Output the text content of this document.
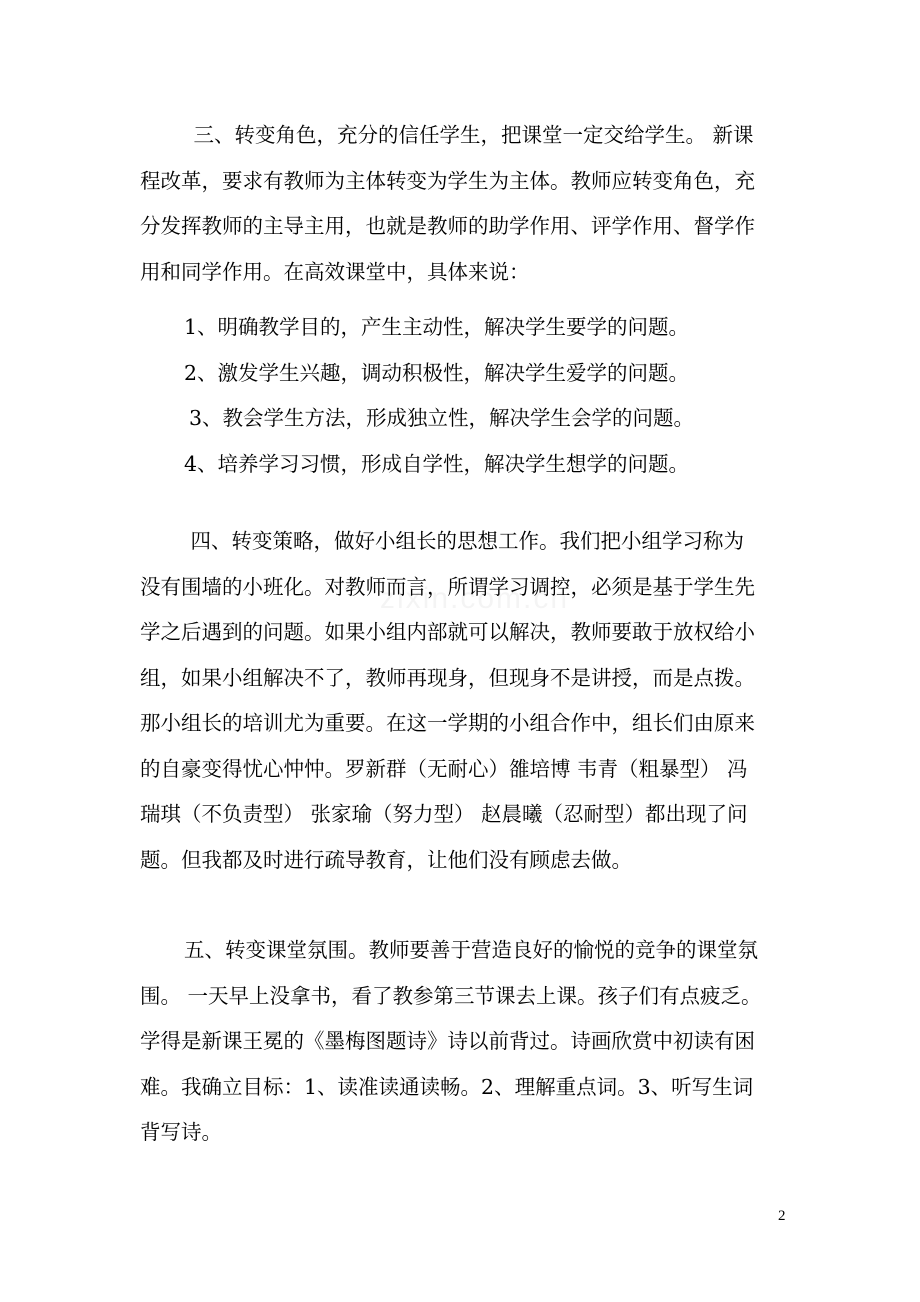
　三、转变角色，充分的信任学生，把课堂一定交给学生。 新课
程改革，要求有教师为主体转变为学生为主体。教师应转变角色，充
分发挥教师的主导主用，也就是教师的助学作用、评学作用、督学作
用和同学作用。在高效课堂中，具体来说：
1、明确教学目的，产生主动性，解决学生要学的问题。
2、激发学生兴趣，调动积极性，解决学生爱学的问题。
3、教会学生方法，形成独立性，解决学生会学的问题。
4、培养学习习惯，形成自学性，解决学生想学的问题。
　四、转变策略，做好小组长的思想工作。我们把小组学习称为
没有围墙的小班化。对教师而言，所谓学习调控，必须是基于学生先
学之后遇到的问题。如果小组内部就可以解决，教师要敢于放权给小
组，如果小组解决不了，教师再现身，但现身不是讲授，而是点拨。
那小组长的培训尤为重要。在这一学期的小组合作中，组长们由原来
的自豪变得忧心忡忡。罗新群（无耐心）雒培博 韦青（粗暴型） 冯
瑞琪（不负责型） 张家瑜（努力型） 赵晨曦（忍耐型）都出现了问
题。但我都及时进行疏导教育，让他们没有顾虑去做。
五、转变课堂氛围。教师要善于营造良好的愉悦的竞争的课堂氛
围。 一天早上没拿书，看了教参第三节课去上课。孩子们有点疲乏。
学得是新课王冕的《墨梅图题诗》诗以前背过。诗画欣赏中初读有困
难。我确立目标：1、读准读通读畅。2、理解重点词。3、听写生词
背写诗。
2
